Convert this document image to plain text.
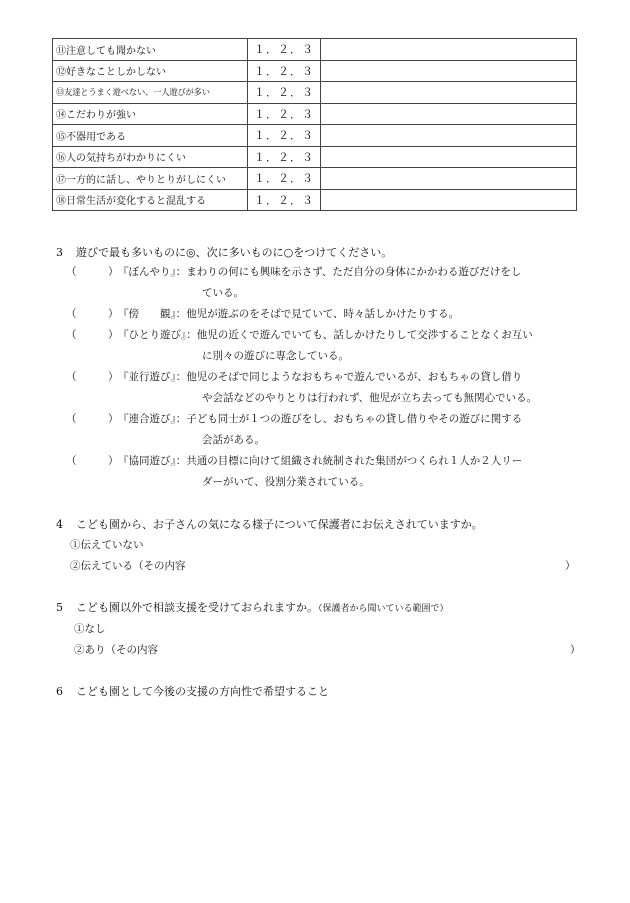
⑪注意しても聞かない	１．２．３	
⑫好きなことしかしない	１．２．３	
⑬友達とうまく遊べない、一人遊びが多い	１．２．３	
⑭こだわりが強い	１．２．３	
⑮不器用である	１．２．３	
⑯人の気持ちがわかりにくい	１．２．３	
⑰一方的に話し、やりとりがしにくい	１．２．３	
⑱日常生活が変化すると混乱する	１．２．３	
3 遊びで最も多いものに◎、次に多いものに○をつけてください。
（　　　）『ぼんやり』：まわりの何にも興味を示さず、ただ自分の身体にかかわる遊びだけをし
ている。
（　　　）『傍　　観』：他児が遊ぶのをそばで見ていて、時々話しかけたりする。
（　　　）『ひとり遊び』：他児の近くで遊んでいても、話しかけたりして交渉することなくお互い
に別々の遊びに専念している。
（　　　）『並行遊び』：他児のそばで同じようなおもちゃで遊んでいるが、おもちゃの貸し借り
や会話などのやりとりは行われず、他児が立ち去っても無関心でいる。
（　　　）『連合遊び』：子ども同士が１つの遊びをし、おもちゃの貸し借りやその遊びに関する
会話がある。
（　　　）『協同遊び』：共通の目標に向けて組織され統制された集団がつくられ１人か２人リー
ダーがいて、役割分業されている。
4 こども園から、お子さんの気になる様子について保護者にお伝えされていますか。
①伝えていない
②伝えている（その内容	）
5 こども園以外で相談支援を受けておられますか。（保護者から聞いている範囲で）
①なし
②あり（その内容	）
6 こども園として今後の支援の方向性で希望すること
